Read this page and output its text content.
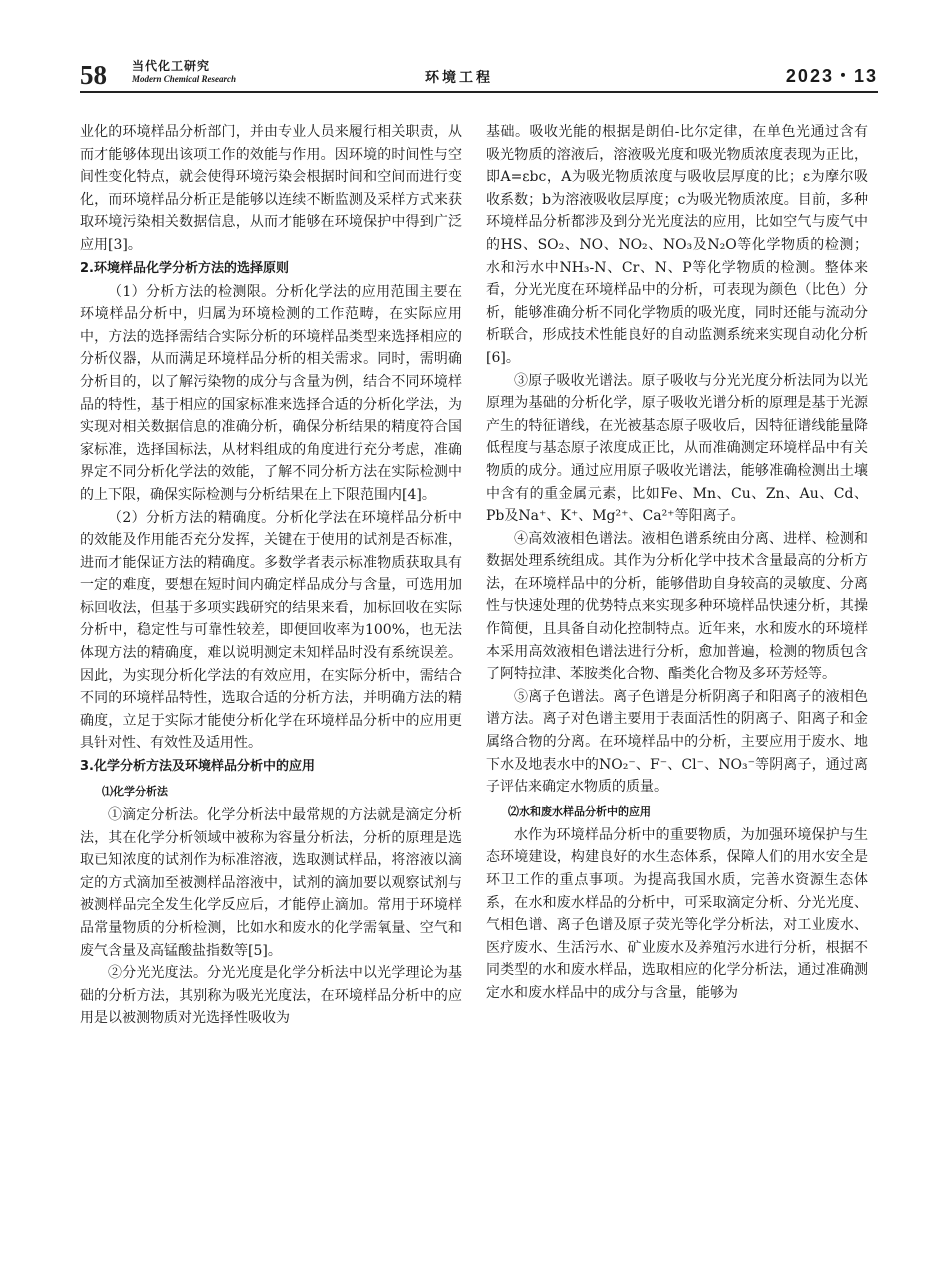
58 当代化工研究
Modern Chemical Research	环境工程	2023・13

业化的环境样品分析部门，并由专业人员来履行相关职责，从而才能够体现出该项工作的效能与作用。因环境的时间性与空间性变化特点，就会使得环境污染会根据时间和空间而进行变化，而环境样品分析正是能够以连续不断监测及采样方式来获取环境污染相关数据信息，从而才能够在环境保护中得到广泛应用[3]。

2.环境样品化学分析方法的选择原则

（1）分析方法的检测限。分析化学法的应用范围主要在环境样品分析中，归属为环境检测的工作范畴，在实际应用中，方法的选择需结合实际分析的环境样品类型来选择相应的分析仪器，从而满足环境样品分析的相关需求。同时，需明确分析目的，以了解污染物的成分与含量为例，结合不同环境样品的特性，基于相应的国家标准来选择合适的分析化学法，为实现对相关数据信息的准确分析，确保分析结果的精度符合国家标准，选择国标法，从材料组成的角度进行充分考虑，准确界定不同分析化学法的效能，了解不同分析方法在实际检测中的上下限，确保实际检测与分析结果在上下限范围内[4]。

（2）分析方法的精确度。分析化学法在环境样品分析中的效能及作用能否充分发挥，关键在于使用的试剂是否标准，进而才能保证方法的精确度。多数学者表示标准物质获取具有一定的难度，要想在短时间内确定样品成分与含量，可选用加标回收法，但基于多项实践研究的结果来看，加标回收在实际分析中，稳定性与可靠性较差，即便回收率为100%，也无法体现方法的精确度，难以说明测定未知样品时没有系统误差。因此，为实现分析化学法的有效应用，在实际分析中，需结合不同的环境样品特性，选取合适的分析方法，并明确方法的精确度，立足于实际才能使分析化学在环境样品分析中的应用更具针对性、有效性及适用性。

3.化学分析方法及环境样品分析中的应用
⑴化学分析法

①滴定分析法。化学分析法中最常规的方法就是滴定分析法，其在化学分析领域中被称为容量分析法，分析的原理是选取已知浓度的试剂作为标准溶液，选取测试样品，将溶液以滴定的方式滴加至被测样品溶液中，试剂的滴加要以观察试剂与被测样品完全发生化学反应后，才能停止滴加。常用于环境样品常量物质的分析检测，比如水和废水的化学需氧量、空气和废气含量及高锰酸盐指数等[5]。

②分光光度法。分光光度是化学分析法中以光学理论为基础的分析方法，其别称为吸光光度法，在环境样品分析中的应用是以被测物质对光选择性吸收为

基础。吸收光能的根据是朗伯-比尔定律，在单色光通过含有吸光物质的溶液后，溶液吸光度和吸光物质浓度表现为正比，即A=εbc，A为吸光物质浓度与吸收层厚度的比；ε为摩尔吸收系数；b为溶液吸收层厚度；c为吸光物质浓度。目前，多种环境样品分析都涉及到分光光度法的应用，比如空气与废气中的HS、SO₂、NO、NO₂、NO₃及N₂O等化学物质的检测；水和污水中NH₃-N、Cr、N、P等化学物质的检测。整体来看，分光光度在环境样品中的分析，可表现为颜色（比色）分析，能够准确分析不同化学物质的吸光度，同时还能与流动分析联合，形成技术性能良好的自动监测系统来实现自动化分析[6]。

③原子吸收光谱法。原子吸收与分光光度分析法同为以光原理为基础的分析化学，原子吸收光谱分析的原理是基于光源产生的特征谱线，在光被基态原子吸收后，因特征谱线能量降低程度与基态原子浓度成正比，从而准确测定环境样品中有关物质的成分。通过应用原子吸收光谱法，能够准确检测出土壤中含有的重金属元素，比如Fe、Mn、Cu、Zn、Au、Cd、Pb及Na⁺、K⁺、Mg²⁺、Ca²⁺等阳离子。

④高效液相色谱法。液相色谱系统由分离、进样、检测和数据处理系统组成。其作为分析化学中技术含量最高的分析方法，在环境样品中的分析，能够借助自身较高的灵敏度、分离性与快速处理的优势特点来实现多种环境样品快速分析，其操作简便，且具备自动化控制特点。近年来，水和废水的环境样本采用高效液相色谱法进行分析，愈加普遍，检测的物质包含了阿特拉津、苯胺类化合物、酯类化合物及多环芳烃等。

⑤离子色谱法。离子色谱是分析阴离子和阳离子的液相色谱方法。离子对色谱主要用于表面活性的阴离子、阳离子和金属络合物的分离。在环境样品中的分析，主要应用于废水、地下水及地表水中的NO₂⁻、F⁻、Cl⁻、NO₃⁻等阴离子，通过离子评估来确定水物质的质量。

⑵水和废水样品分析中的应用

水作为环境样品分析中的重要物质，为加强环境保护与生态环境建设，构建良好的水生态体系，保障人们的用水安全是环卫工作的重点事项。为提高我国水质，完善水资源生态体系，在水和废水样品的分析中，可采取滴定分析、分光光度、气相色谱、离子色谱及原子荧光等化学分析法，对工业废水、医疗废水、生活污水、矿业废水及养殖污水进行分析，根据不同类型的水和废水样品，选取相应的化学分析法，通过准确测定水和废水样品中的成分与含量，能够为
